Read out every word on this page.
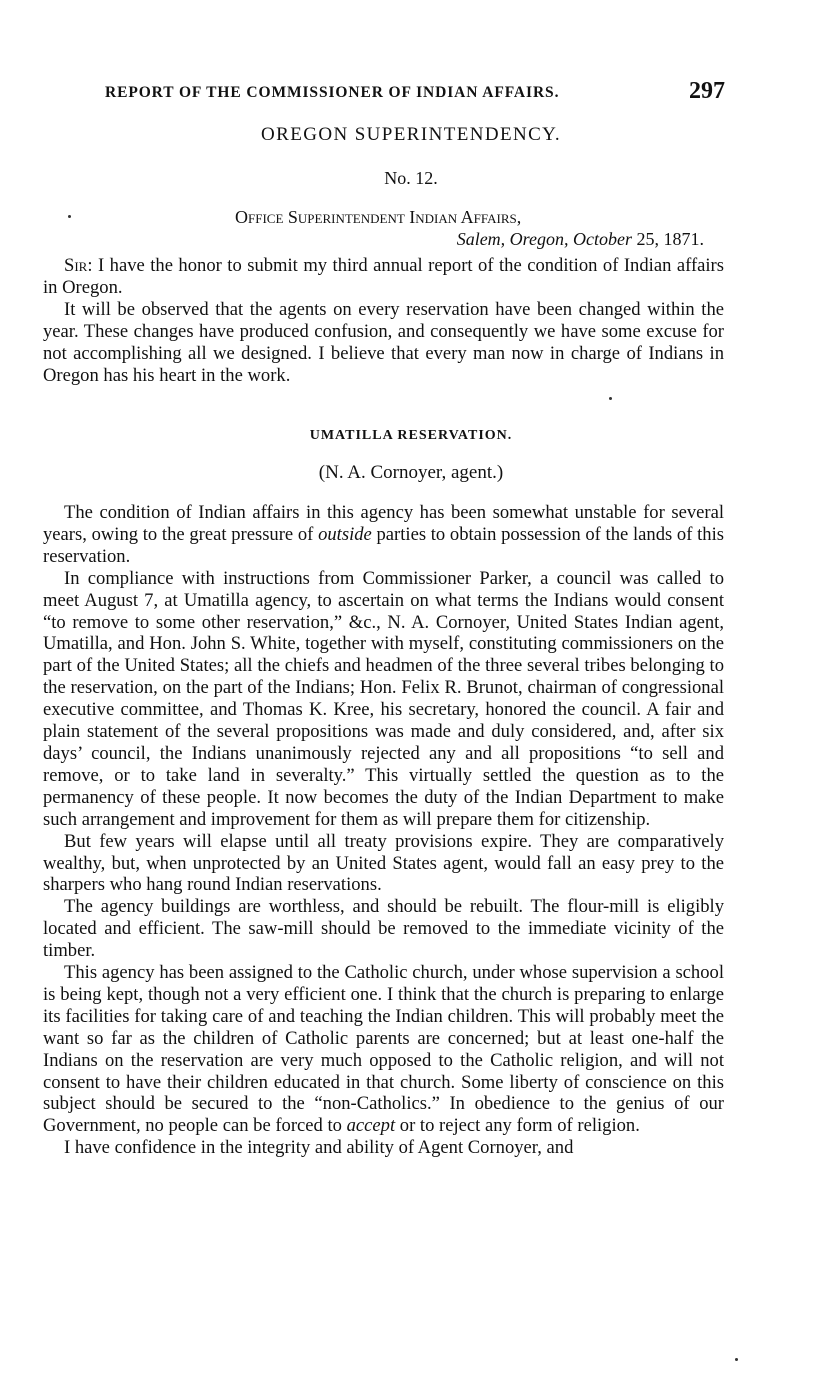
REPORT OF THE COMMISSIONER OF INDIAN AFFAIRS.	297
OREGON SUPERINTENDENCY.
No. 12.
Office Superintendent Indian Affairs,
Salem, Oregon, October 25, 1871.

Sir: I have the honor to submit my third annual report of the condition of Indian affairs in Oregon.

It will be observed that the agents on every reservation have been changed within the year. These changes have produced confusion, and consequently we have some excuse for not accomplishing all we designed. I believe that every man now in charge of Indians in Oregon has his heart in the work.

UMATILLA RESERVATION.
(N. A. Cornoyer, agent.)

The condition of Indian affairs in this agency has been somewhat unstable for several years, owing to the great pressure of outside parties to obtain possession of the lands of this reservation.

In compliance with instructions from Commissioner Parker, a council was called to meet August 7, at Umatilla agency, to ascertain on what terms the Indians would consent “to remove to some other reservation,” &c., N. A. Cornoyer, United States Indian agent, Umatilla, and Hon. John S. White, together with myself, constituting commissioners on the part of the United States; all the chiefs and headmen of the three several tribes belonging to the reservation, on the part of the Indians; Hon. Felix R. Brunot, chairman of congressional executive committee, and Thomas K. Kree, his secretary, honored the council. A fair and plain statement of the several propositions was made and duly considered, and, after six days’ council, the Indians unanimously rejected any and all propositions “to sell and remove, or to take land in severalty.” This virtually settled the question as to the permanency of these people. It now becomes the duty of the Indian Department to make such arrangement and improvement for them as will prepare them for citizenship.

But few years will elapse until all treaty provisions expire. They are comparatively wealthy, but, when unprotected by an United States agent, would fall an easy prey to the sharpers who hang round Indian reservations.

The agency buildings are worthless, and should be rebuilt. The flour-mill is eligibly located and efficient. The saw-mill should be removed to the immediate vicinity of the timber.

This agency has been assigned to the Catholic church, under whose supervision a school is being kept, though not a very efficient one. I think that the church is preparing to enlarge its facilities for taking care of and teaching the Indian children. This will probably meet the want so far as the children of Catholic parents are concerned; but at least one-half the Indians on the reservation are very much opposed to the Catholic religion, and will not consent to have their children educated in that church. Some liberty of conscience on this subject should be secured to the “non-Catholics.” In obedience to the genius of our Government, no people can be forced to accept or to reject any form of religion.

I have confidence in the integrity and ability of Agent Cornoyer, and
